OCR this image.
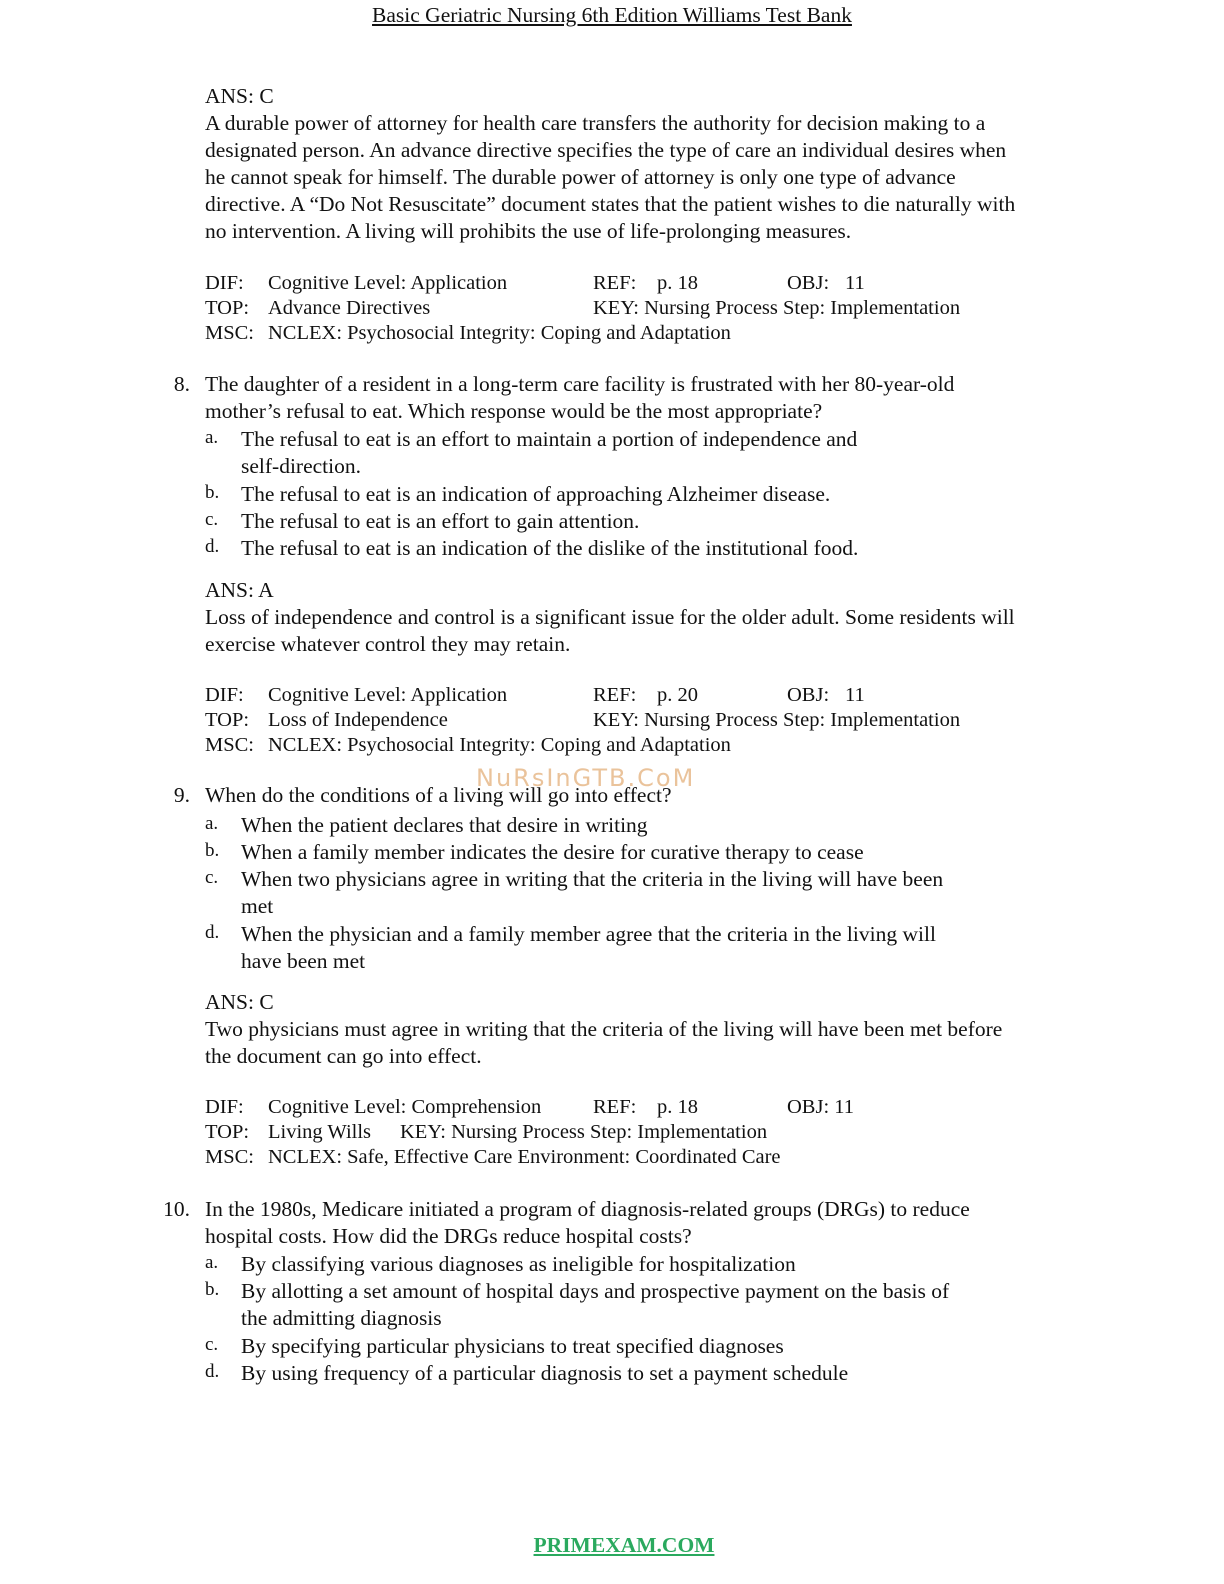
Basic Geriatric Nursing 6th Edition Williams Test Bank

ANS: C

A durable power of attorney for health care transfers the authority for decision making to a

designated person. An advance directive specifies the type of care an individual desires when

he cannot speak for himself. The durable power of attorney is only one type of advance

directive. A “Do Not Resuscitate” document states that the patient wishes to die naturally with

no intervention. A living will prohibits the use of life-prolonging measures.

DIF: Cognitive Level: Application	REF: p. 18	OBJ: 11
TOP: Advance Directives	KEY: Nursing Process Step: Implementation
MSC: NCLEX: Psychosocial Integrity: Coping and Adaptation
8. The daughter of a resident in a long-term care facility is frustrated with her 80-year-old

mother’s refusal to eat. Which response would be the most appropriate?

a. The refusal to eat is an effort to maintain a portion of independence and

self-direction.

b. The refusal to eat is an indication of approaching Alzheimer disease.

c. The refusal to eat is an effort to gain attention.

d. The refusal to eat is an indication of the dislike of the institutional food.

ANS: A

Loss of independence and control is a significant issue for the older adult. Some residents will

exercise whatever control they may retain.

DIF: Cognitive Level: Application	REF: p. 20	OBJ: 11
TOP: Loss of Independence	KEY: Nursing Process Step: Implementation
MSC: NCLEX: Psychosocial Integrity: Coping and Adaptation
NuRsInGTB.CoM
9. When do the conditions of a living will go into effect?

a. When the patient declares that desire in writing

b. When a family member indicates the desire for curative therapy to cease

c. When two physicians agree in writing that the criteria in the living will have been

met

d. When the physician and a family member agree that the criteria in the living will

have been met

ANS: C

Two physicians must agree in writing that the criteria of the living will have been met before

the document can go into effect.

DIF: Cognitive Level: Comprehension	REF: p. 18	OBJ: 11
TOP: Living Wills KEY: Nursing Process Step: Implementation
MSC: NCLEX: Safe, Effective Care Environment: Coordinated Care
10. In the 1980s, Medicare initiated a program of diagnosis-related groups (DRGs) to reduce

hospital costs. How did the DRGs reduce hospital costs?

a. By classifying various diagnoses as ineligible for hospitalization

b. By allotting a set amount of hospital days and prospective payment on the basis of

the admitting diagnosis

c. By specifying particular physicians to treat specified diagnoses

d. By using frequency of a particular diagnosis to set a payment schedule

PRIMEXAM.COM
